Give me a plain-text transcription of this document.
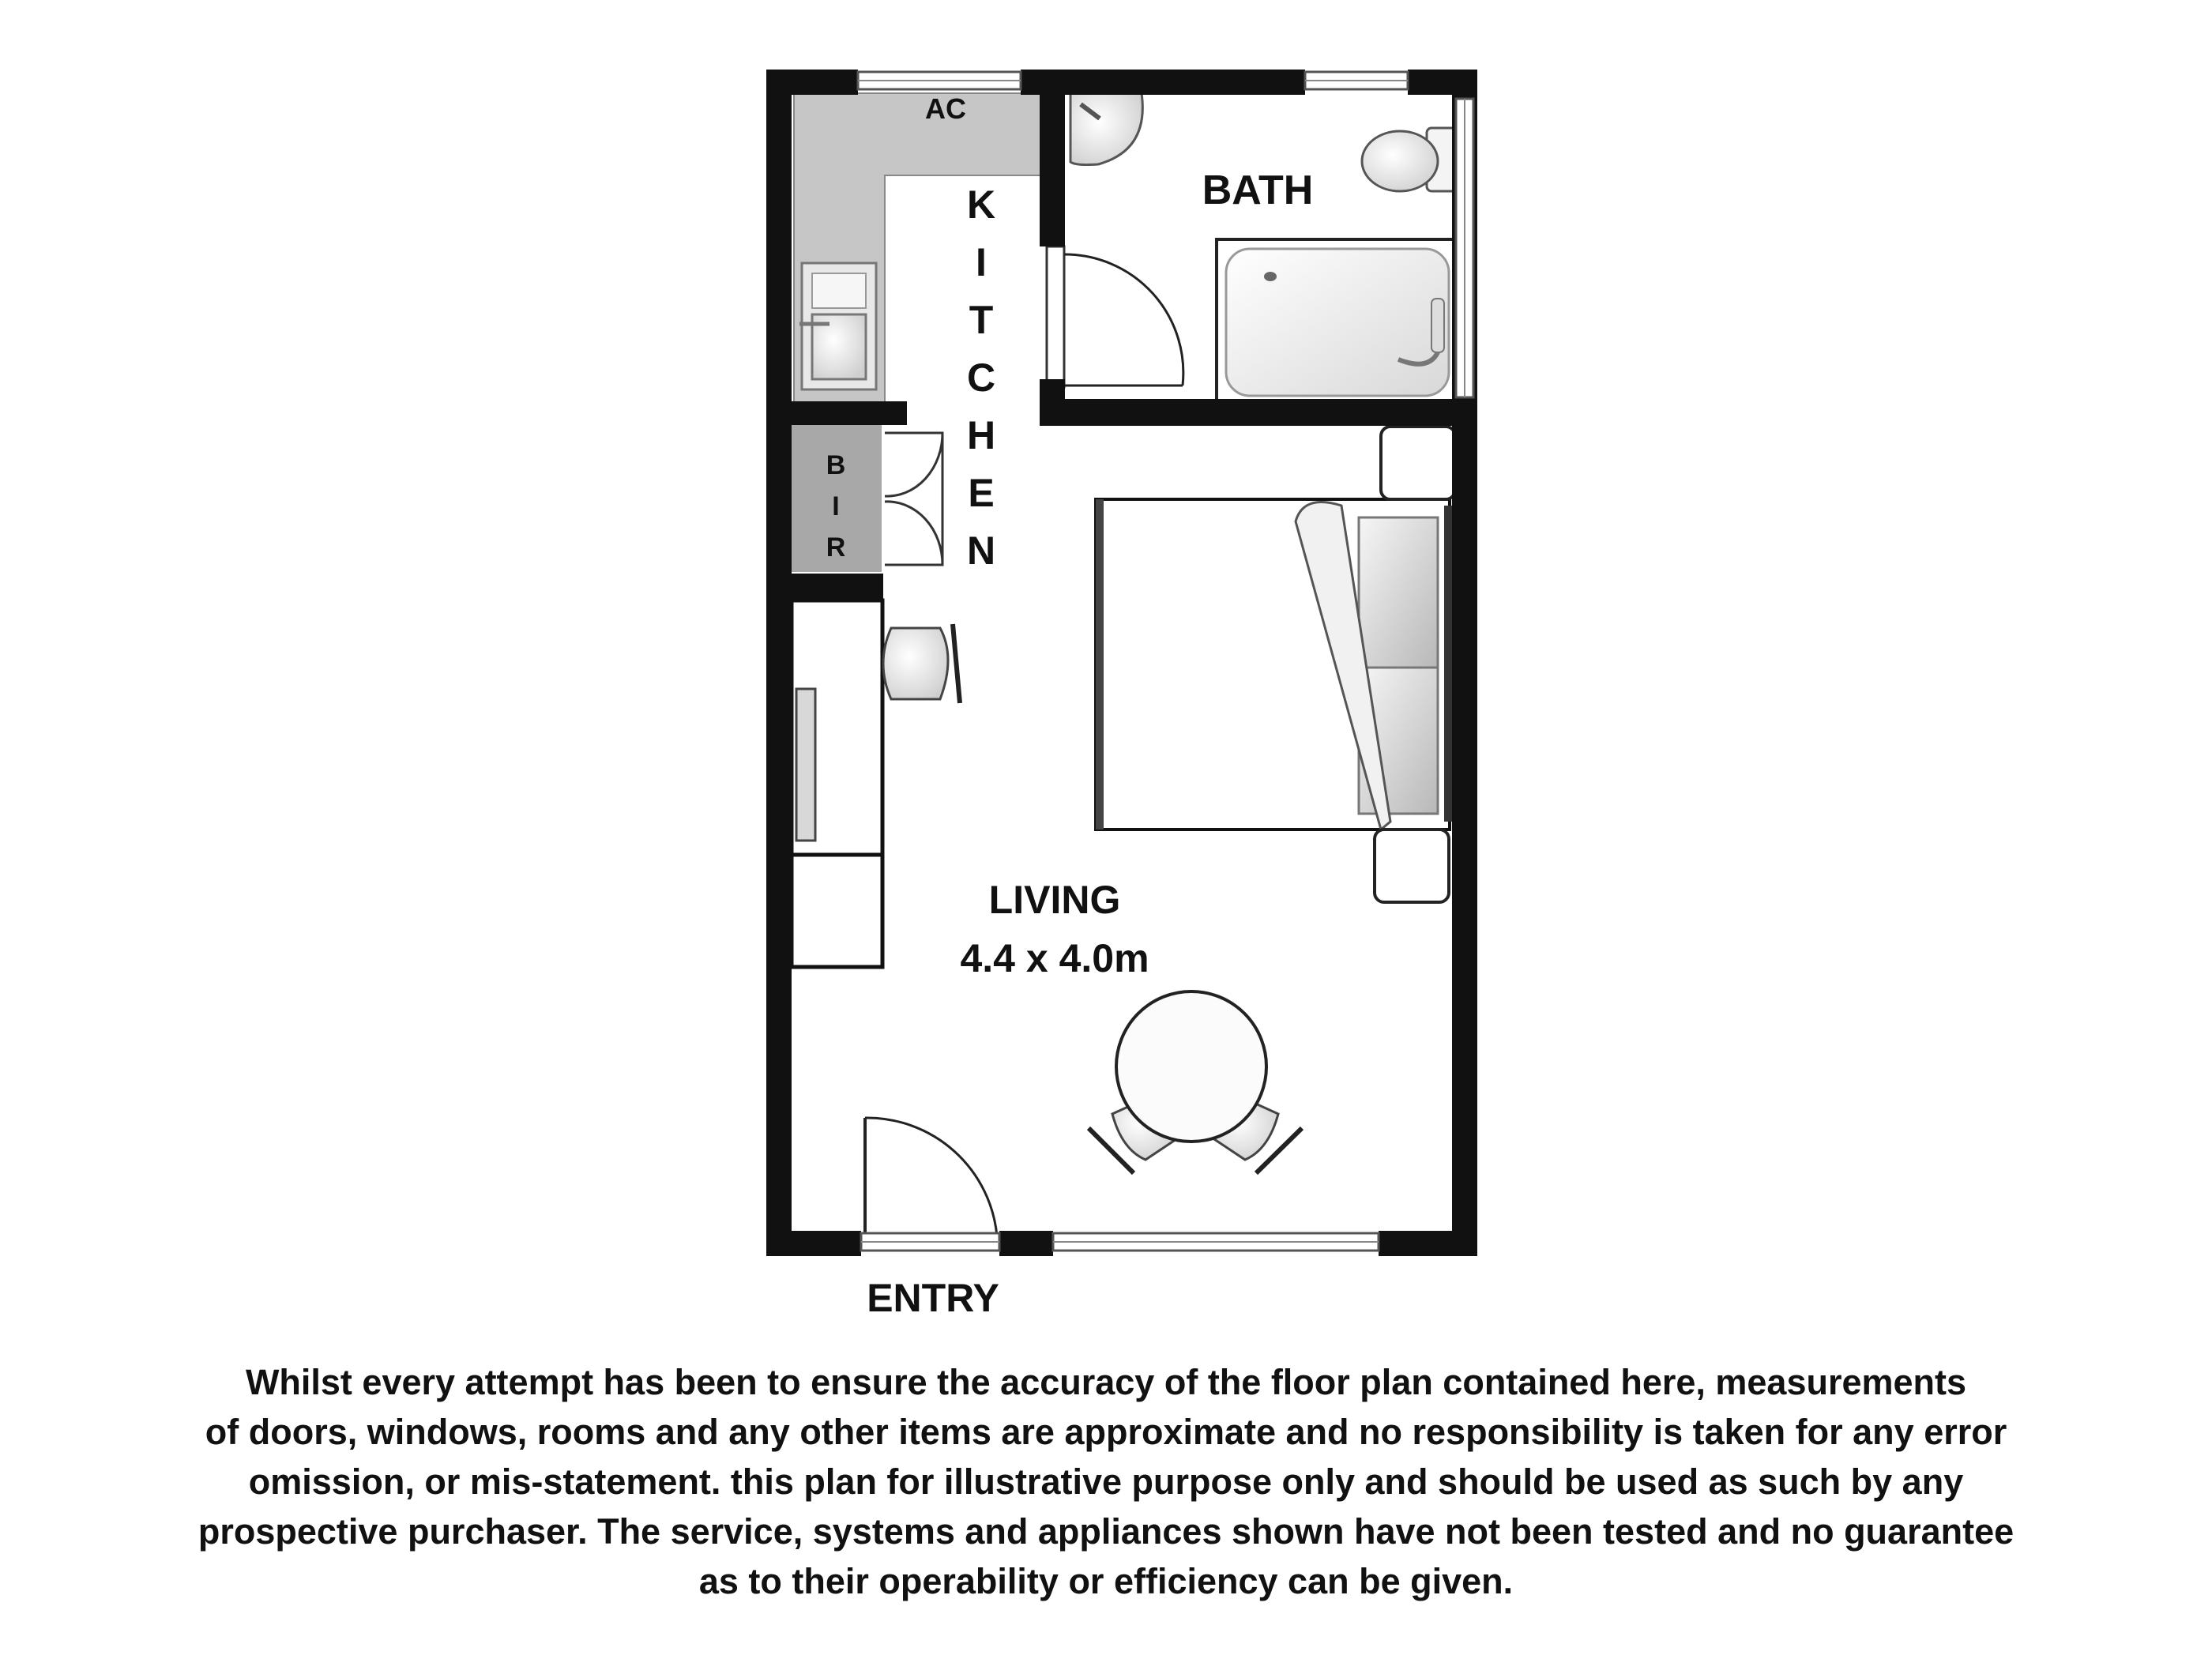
AC
BATH
K
I
T
C
H
E
N
B
I
R
LIVING
4.4 x 4.0m
ENTRY
Whilst every attempt has been to ensure the accuracy of the floor plan contained here, measurements
of doors, windows, rooms and any other items are approximate and no responsibility is taken for any error
omission, or mis-statement. this plan for illustrative purpose only and should be used as such by any
prospective purchaser. The service, systems and appliances shown have not been tested and no guarantee
as to their operability or efficiency can be given.
